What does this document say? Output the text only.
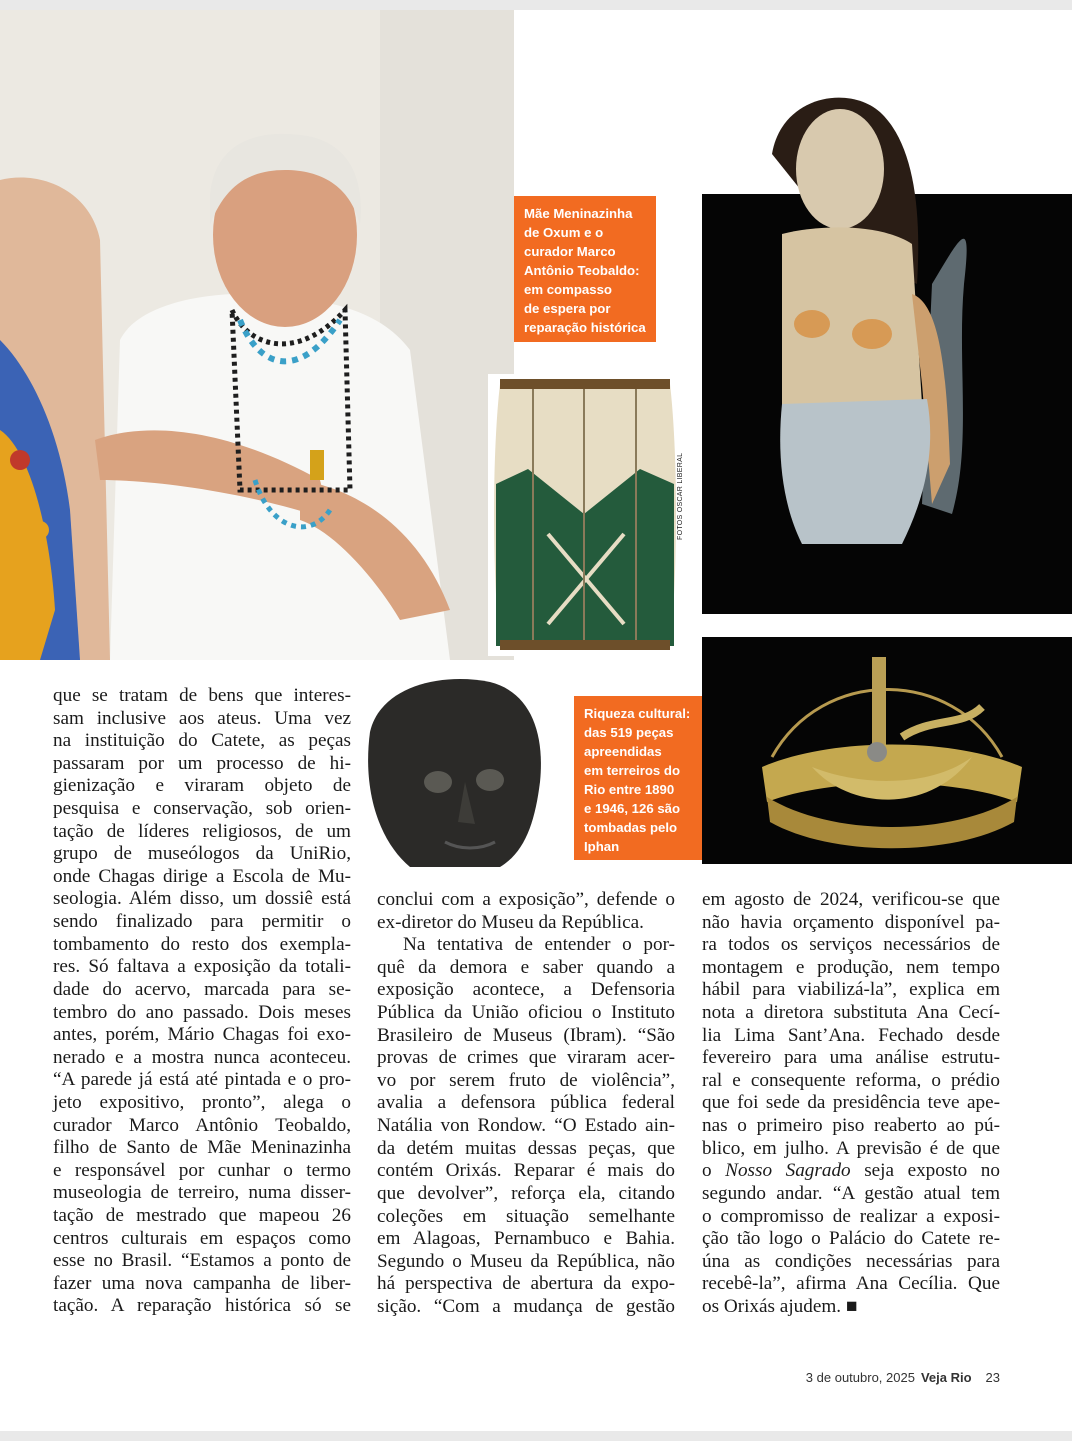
Mãe Meninazinha
de Oxum e o
curador Marco
Antônio Teobaldo:
em compasso
de espera por
reparação histórica
FOTOS OSCAR LIBERAL
Riqueza cultural:
das 519 peças
apreendidas
em terreiros do
Rio entre 1890
e 1946, 126 são
tombadas pelo
Iphan
que se tratam de bens que interes-
sam inclusive aos ateus. Uma vez
na instituição do Catete, as peças
passaram por um processo de hi-
gienização e viraram objeto de
pesquisa e conservação, sob orien-
tação de líderes religiosos, de um
grupo de museólogos da UniRio,
onde Chagas dirige a Escola de Mu-
seologia. Além disso, um dossiê está
sendo finalizado para permitir o
tombamento do resto dos exempla-
res. Só faltava a exposição da totali-
dade do acervo, marcada para se-
tembro do ano passado. Dois meses
antes, porém, Mário Chagas foi exo-
nerado e a mostra nunca aconteceu.
“A parede já está até pintada e o pro-
jeto expositivo, pronto”, alega o
curador Marco Antônio Teobaldo,
filho de Santo de Mãe Meninazinha
e responsável por cunhar o termo
museologia de terreiro, numa disser-
tação de mestrado que mapeou 26
centros culturais em espaços como
esse no Brasil. “Estamos a ponto de
fazer uma nova campanha de liber-
tação. A reparação histórica só se
conclui com a exposição”, defende o
ex-diretor do Museu da República.
Na tentativa de entender o por-
quê da demora e saber quando a
exposição acontece, a Defensoria
Pública da União oficiou o Instituto
Brasileiro de Museus (Ibram). “São
provas de crimes que viraram acer-
vo por serem fruto de violência”,
avalia a defensora pública federal
Natália von Rondow. “O Estado ain-
da detém muitas dessas peças, que
contém Orixás. Reparar é mais do
que devolver”, reforça ela, citando
coleções em situação semelhante
em Alagoas, Pernambuco e Bahia.
Segundo o Museu da República, não
há perspectiva de abertura da expo-
sição. “Com a mudança de gestão
em agosto de 2024, verificou-se que
não havia orçamento disponível pa-
ra todos os serviços necessários de
montagem e produção, nem tempo
hábil para viabilizá-la”, explica em
nota a diretora substituta Ana Cecí-
lia Lima Sant’Ana. Fechado desde
fevereiro para uma análise estrutu-
ral e consequente reforma, o prédio
que foi sede da presidência teve ape-
nas o primeiro piso reaberto ao pú-
blico, em julho. A previsão é de que
o Nosso Sagrado seja exposto no
segundo andar. “A gestão atual tem
o compromisso de realizar a exposi-
ção tão logo o Palácio do Catete re-
úna as condições necessárias para
recebê-la”, afirma Ana Cecília. Que
os Orixás ajudem. ■
3 de outubro, 2025 Veja Rio 23
